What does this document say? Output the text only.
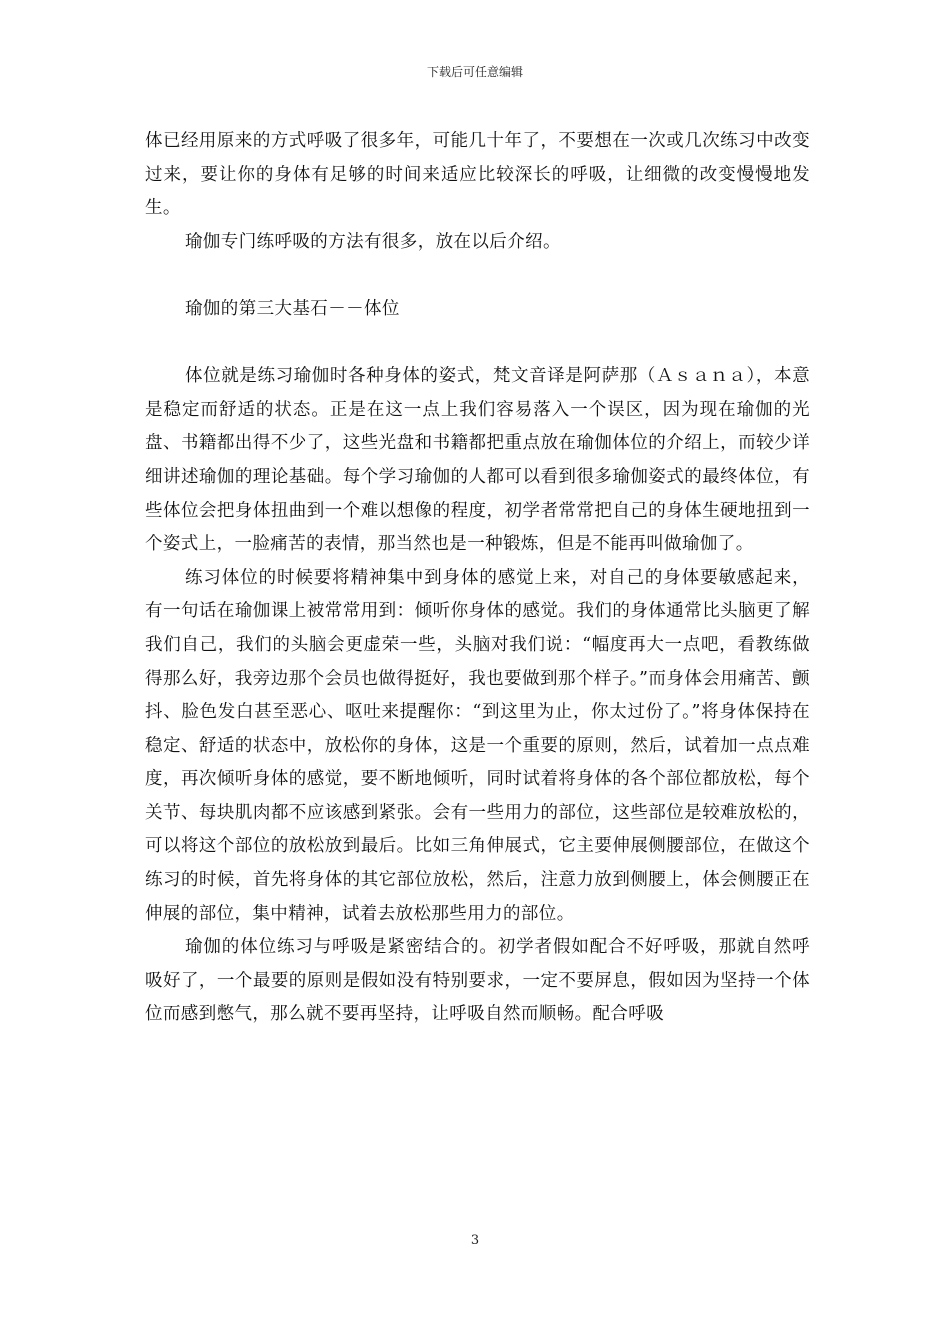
下载后可任意编辑

体已经用原来的方式呼吸了很多年，可能几十年了，不要想在一次或几次练习中改变过来，要让你的身体有足够的时间来适应比较深长的呼吸，让细微的改变慢慢地发生。

瑜伽专门练呼吸的方法有很多，放在以后介绍。

瑜伽的第三大基石－－体位

体位就是练习瑜伽时各种身体的姿式，梵文音译是阿萨那（Ａｓａｎａ），本意是稳定而舒适的状态。正是在这一点上我们容易落入一个误区，因为现在瑜伽的光盘、书籍都出得不少了，这些光盘和书籍都把重点放在瑜伽体位的介绍上，而较少详细讲述瑜伽的理论基础。每个学习瑜伽的人都可以看到很多瑜伽姿式的最终体位，有些体位会把身体扭曲到一个难以想像的程度，初学者常常把自己的身体生硬地扭到一个姿式上，一脸痛苦的表情，那当然也是一种锻炼，但是不能再叫做瑜伽了。

练习体位的时候要将精神集中到身体的感觉上来，对自己的身体要敏感起来，有一句话在瑜伽课上被常常用到：倾听你身体的感觉。我们的身体通常比头脑更了解我们自己，我们的头脑会更虚荣一些，头脑对我们说：“幅度再大一点吧，看教练做得那么好，我旁边那个会员也做得挺好，我也要做到那个样子。”而身体会用痛苦、颤抖、脸色发白甚至恶心、呕吐来提醒你：“到这里为止，你太过份了。”将身体保持在稳定、舒适的状态中，放松你的身体，这是一个重要的原则，然后，试着加一点点难度，再次倾听身体的感觉，要不断地倾听，同时试着将身体的各个部位都放松，每个关节、每块肌肉都不应该感到紧张。会有一些用力的部位，这些部位是较难放松的，可以将这个部位的放松放到最后。比如三角伸展式，它主要伸展侧腰部位，在做这个练习的时候，首先将身体的其它部位放松，然后，注意力放到侧腰上，体会侧腰正在伸展的部位，集中精神，试着去放松那些用力的部位。

瑜伽的体位练习与呼吸是紧密结合的。初学者假如配合不好呼吸，那就自然呼吸好了，一个最要的原则是假如没有特别要求，一定不要屏息，假如因为坚持一个体位而感到憋气，那么就不要再坚持，让呼吸自然而顺畅。配合呼吸

3
